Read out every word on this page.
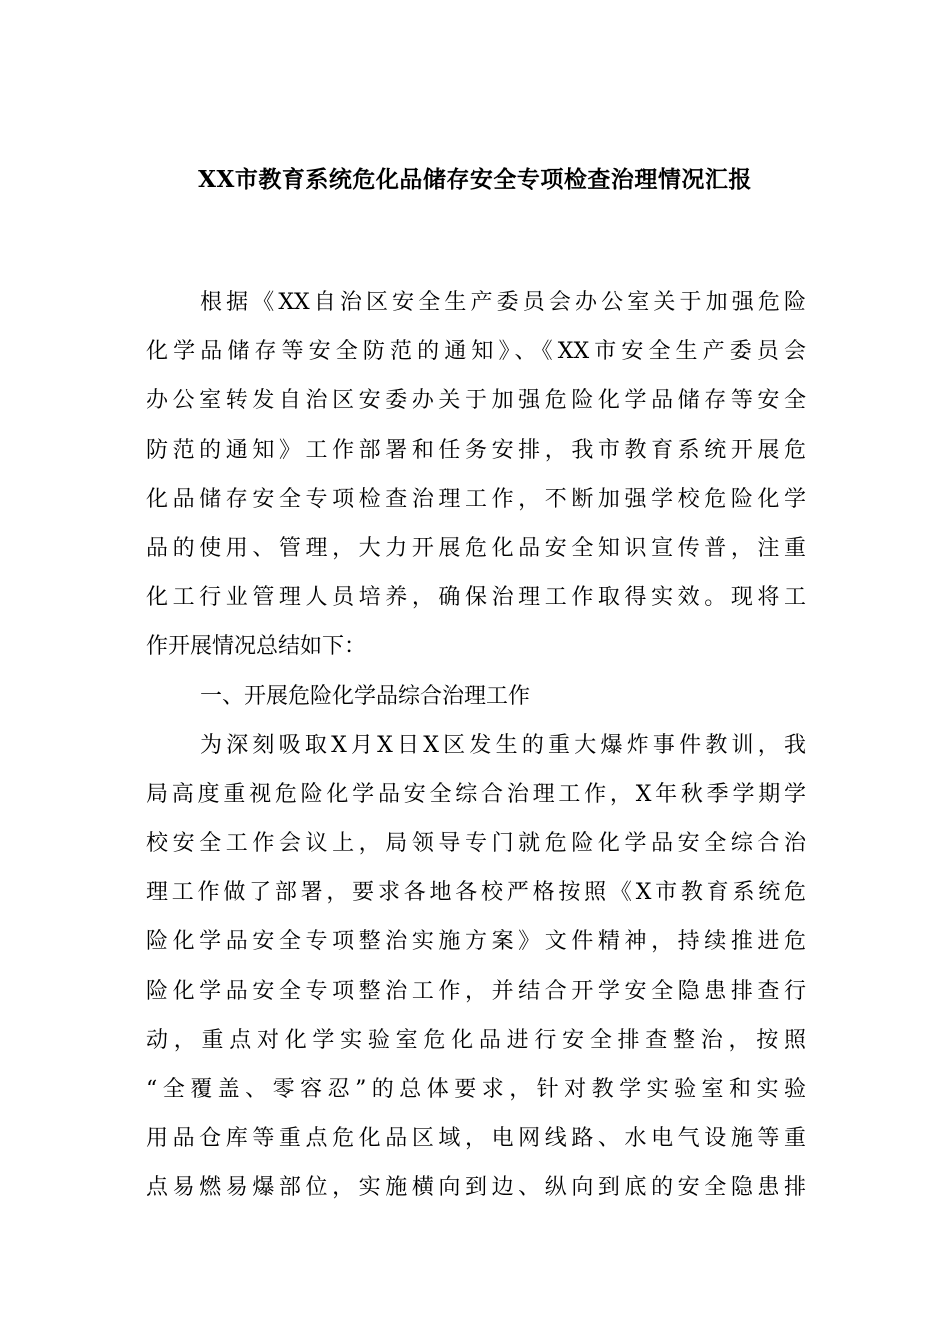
XX市教育系统危化品储存安全专项检查治理情况汇报
根据《XX自治区安全生产委员会办公室关于加强危险
化学品储存等安全防范的通知》、《XX市安全生产委员会
办公室转发自治区安委办关于加强危险化学品储存等安全
防范的通知》工作部署和任务安排，我市教育系统开展危
化品储存安全专项检查治理工作，不断加强学校危险化学
品的使用、管理，大力开展危化品安全知识宣传普，注重
化工行业管理人员培养，确保治理工作取得实效。现将工
作开展情况总结如下：
一、开展危险化学品综合治理工作
为深刻吸取X月X日X区发生的重大爆炸事件教训，我
局高度重视危险化学品安全综合治理工作，X年秋季学期学
校安全工作会议上，局领导专门就危险化学品安全综合治
理工作做了部署，要求各地各校严格按照《X市教育系统危
险化学品安全专项整治实施方案》文件精神，持续推进危
险化学品安全专项整治工作，并结合开学安全隐患排查行
动，重点对化学实验室危化品进行安全排查整治，按照
“全覆盖、零容忍”的总体要求，针对教学实验室和实验
用品仓库等重点危化品区域，电网线路、水电气设施等重
点易燃易爆部位，实施横向到边、纵向到底的安全隐患排
